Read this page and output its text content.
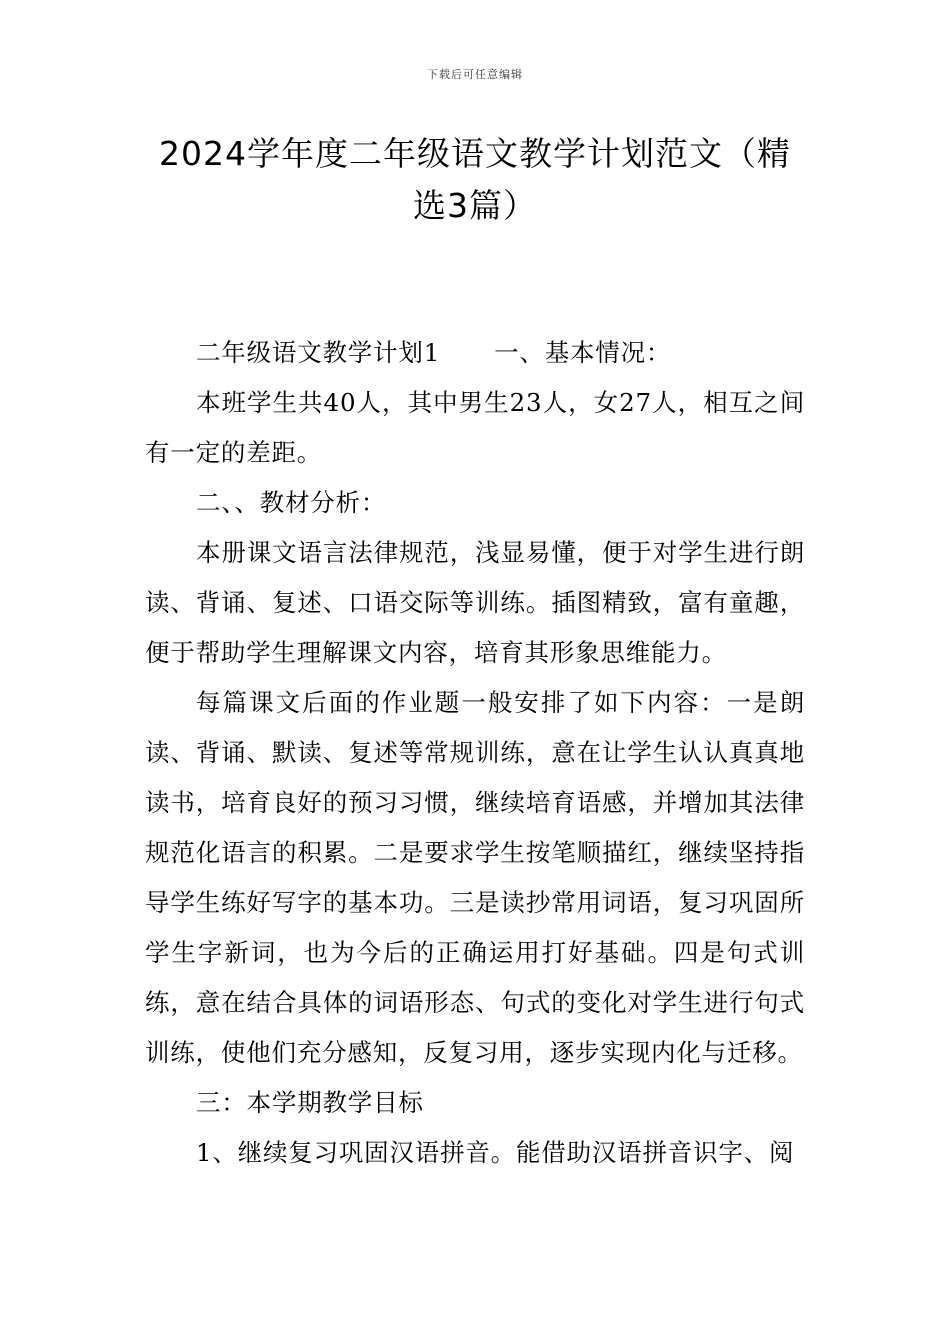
下载后可任意编辑
2024学年度二年级语文教学计划范文（精选3篇）

二年级语文教学计划1 一、基本情况：

本班学生共40人，其中男生23人，女27人，相互之间有一定的差距。

二、、教材分析：

本册课文语言法律规范，浅显易懂，便于对学生进行朗读、背诵、复述、口语交际等训练。插图精致，富有童趣，便于帮助学生理解课文内容，培育其形象思维能力。

每篇课文后面的作业题一般安排了如下内容：一是朗读、背诵、默读、复述等常规训练，意在让学生认认真真地读书，培育良好的预习习惯，继续培育语感，并增加其法律规范化语言的积累。二是要求学生按笔顺描红，继续坚持指导学生练好写字的基本功。三是读抄常用词语，复习巩固所学生字新词，也为今后的正确运用打好基础。四是句式训练，意在结合具体的词语形态、句式的变化对学生进行句式训练，使他们充分感知，反复习用，逐步实现内化与迁移。

三：本学期教学目标

1、继续复习巩固汉语拼音。能借助汉语拼音识字、阅
